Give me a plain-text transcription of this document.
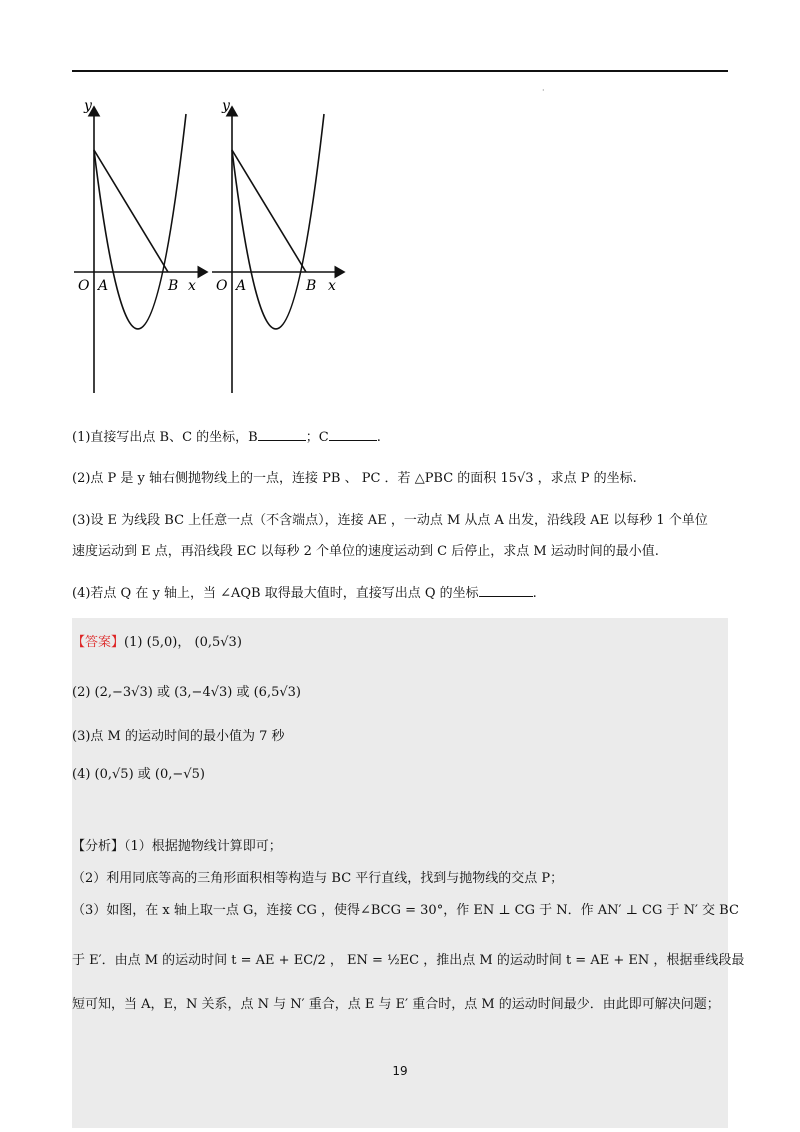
·
y
O A	B x
y
O A	B x
(1)直接写出点 B、C 的坐标，B	；C	.
(2)点 P 是 y 轴右侧抛物线上的一点，连接 PB 、 PC ．若 △PBC 的面积 15√3 ，求点 P 的坐标.
(3)设 E 为线段 BC 上任意一点（不含端点），连接 AE ，一动点 M 从点 A 出发，沿线段 AE 以每秒 1 个单位
速度运动到 E 点，再沿线段 EC 以每秒 2 个单位的速度运动到 C 后停止，求点 M 运动时间的最小值.
(4)若点 Q 在 y 轴上，当 ∠AQB 取得最大值时，直接写出点 Q 的坐标	.
【答案】(1) (5,0)， (0,5√3)
(2) (2,−3√3) 或 (3,−4√3) 或 (6,5√3)
(3)点 M 的运动时间的最小值为 7 秒
(4) (0,√5) 或 (0,−√5)
【分析】（1）根据抛物线计算即可；
（2）利用同底等高的三角形面积相等构造与 BC 平行直线，找到与抛物线的交点 P；
（3）如图，在 x 轴上取一点 G，连接 CG ，使得∠BCG = 30°，作 EN ⊥ CG 于 N．作 AN′ ⊥ CG 于 N′ 交 BC
于 E′．由点 M 的运动时间 t = AE + EC/2 ， EN = ½EC ，推出点 M 的运动时间 t = AE + EN ，根据垂线段最
短可知，当 A，E，N 关系，点 N 与 N′ 重合，点 E 与 E′ 重合时，点 M 的运动时间最少．由此即可解决问题；
19
